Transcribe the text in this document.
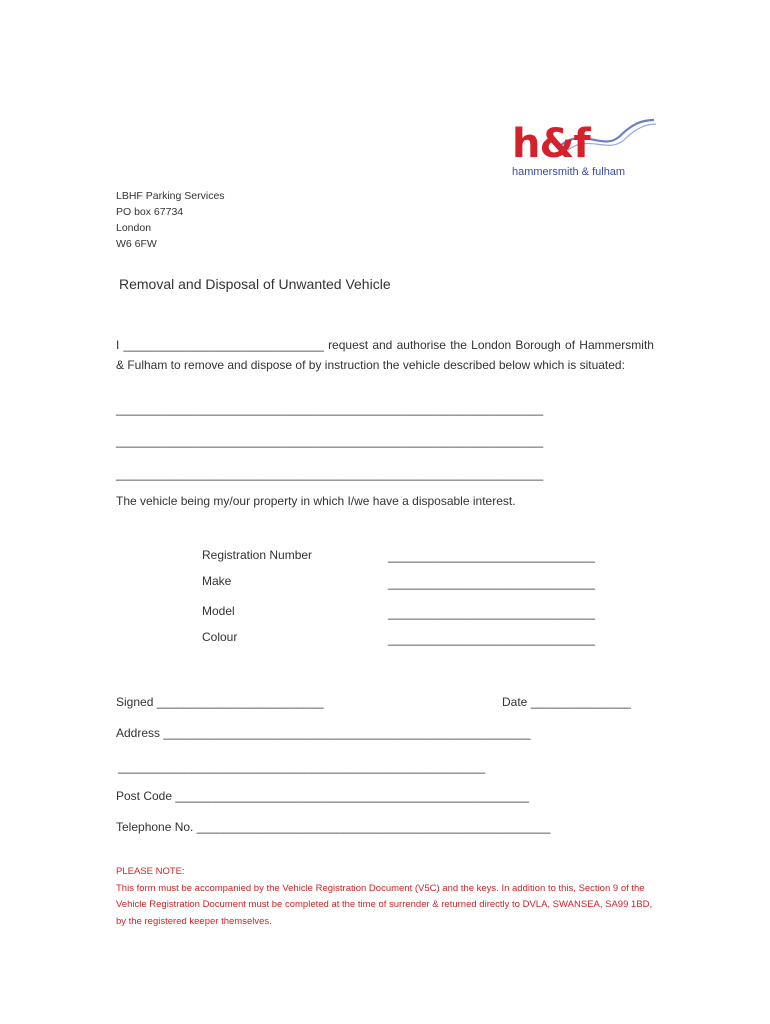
h&f
hammersmith & fulham
LBHF Parking Services
PO box 67734
London
W6 6FW
Removal and Disposal of Unwanted Vehicle
I ______________________________ request and authorise the London Borough of Hammersmith & Fulham to remove and dispose of by instruction the vehicle described below which is situated:
________________________________________________________________
________________________________________________________________
________________________________________________________________
The vehicle being my/our property in which I/we have a disposable interest.
Registration Number	_______________________________
Make	_______________________________
Model	_______________________________
Colour	_______________________________
Signed _________________________	Date _______________
Address _______________________________________________________
_______________________________________________________
Post Code _____________________________________________________
Telephone No. _____________________________________________________
PLEASE NOTE:
This form must be accompanied by the Vehicle Registration Document (V5C) and the keys. In addition to this, Section 9 of the Vehicle Registration Document must be completed at the time of surrender & returned directly to DVLA, SWANSEA, SA99 1BD, by the registered keeper themselves.
